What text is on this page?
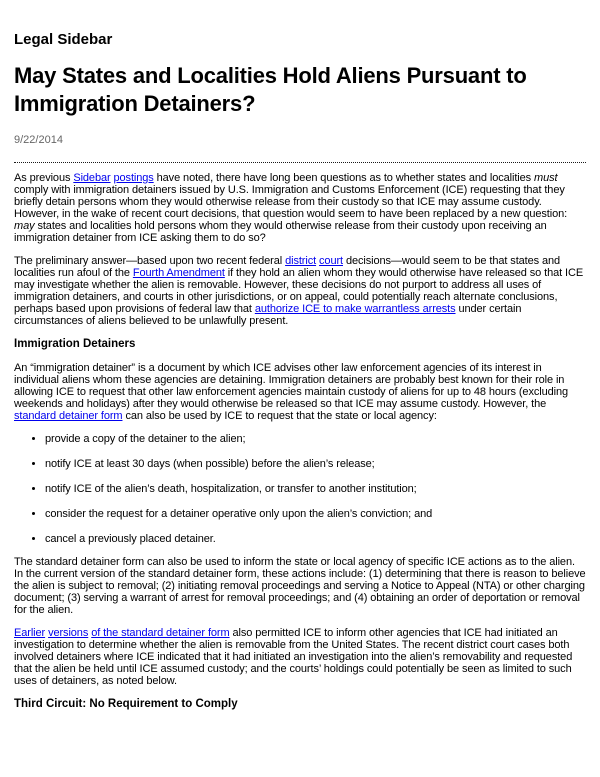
Legal Sidebar
May States and Localities Hold Aliens Pursuant to Immigration Detainers?
9/22/2014

As previous Sidebar postings have noted, there have long been questions as to whether states and localities must comply with immigration detainers issued by U.S. Immigration and Customs Enforcement (ICE) requesting that they briefly detain persons whom they would otherwise release from their custody so that ICE may assume custody. However, in the wake of recent court decisions, that question would seem to have been replaced by a new question: may states and localities hold persons whom they would otherwise release from their custody upon receiving an immigration detainer from ICE asking them to do so?

The preliminary answer—based upon two recent federal district court decisions—would seem to be that states and localities run afoul of the Fourth Amendment if they hold an alien whom they would otherwise have released so that ICE may investigate whether the alien is removable. However, these decisions do not purport to address all uses of immigration detainers, and courts in other jurisdictions, or on appeal, could potentially reach alternate conclusions, perhaps based upon provisions of federal law that authorize ICE to make warrantless arrests under certain circumstances of aliens believed to be unlawfully present.

Immigration Detainers

An “immigration detainer” is a document by which ICE advises other law enforcement agencies of its interest in individual aliens whom these agencies are detaining. Immigration detainers are probably best known for their role in allowing ICE to request that other law enforcement agencies maintain custody of aliens for up to 48 hours (excluding weekends and holidays) after they would otherwise be released so that ICE may assume custody. However, the standard detainer form can also be used by ICE to request that the state or local agency:

• provide a copy of the detainer to the alien;
• notify ICE at least 30 days (when possible) before the alien’s release;
• notify ICE of the alien’s death, hospitalization, or transfer to another institution;
• consider the request for a detainer operative only upon the alien’s conviction; and
• cancel a previously placed detainer.

The standard detainer form can also be used to inform the state or local agency of specific ICE actions as to the alien. In the current version of the standard detainer form, these actions include: (1) determining that there is reason to believe the alien is subject to removal; (2) initiating removal proceedings and serving a Notice to Appeal (NTA) or other charging document; (3) serving a warrant of arrest for removal proceedings; and (4) obtaining an order of deportation or removal for the alien.

Earlier versions of the standard detainer form also permitted ICE to inform other agencies that ICE had initiated an investigation to determine whether the alien is removable from the United States. The recent district court cases both involved detainers where ICE indicated that it had initiated an investigation into the alien’s removability and requested that the alien be held until ICE assumed custody; and the courts’ holdings could potentially be seen as limited to such uses of detainers, as noted below.

Third Circuit: No Requirement to Comply
